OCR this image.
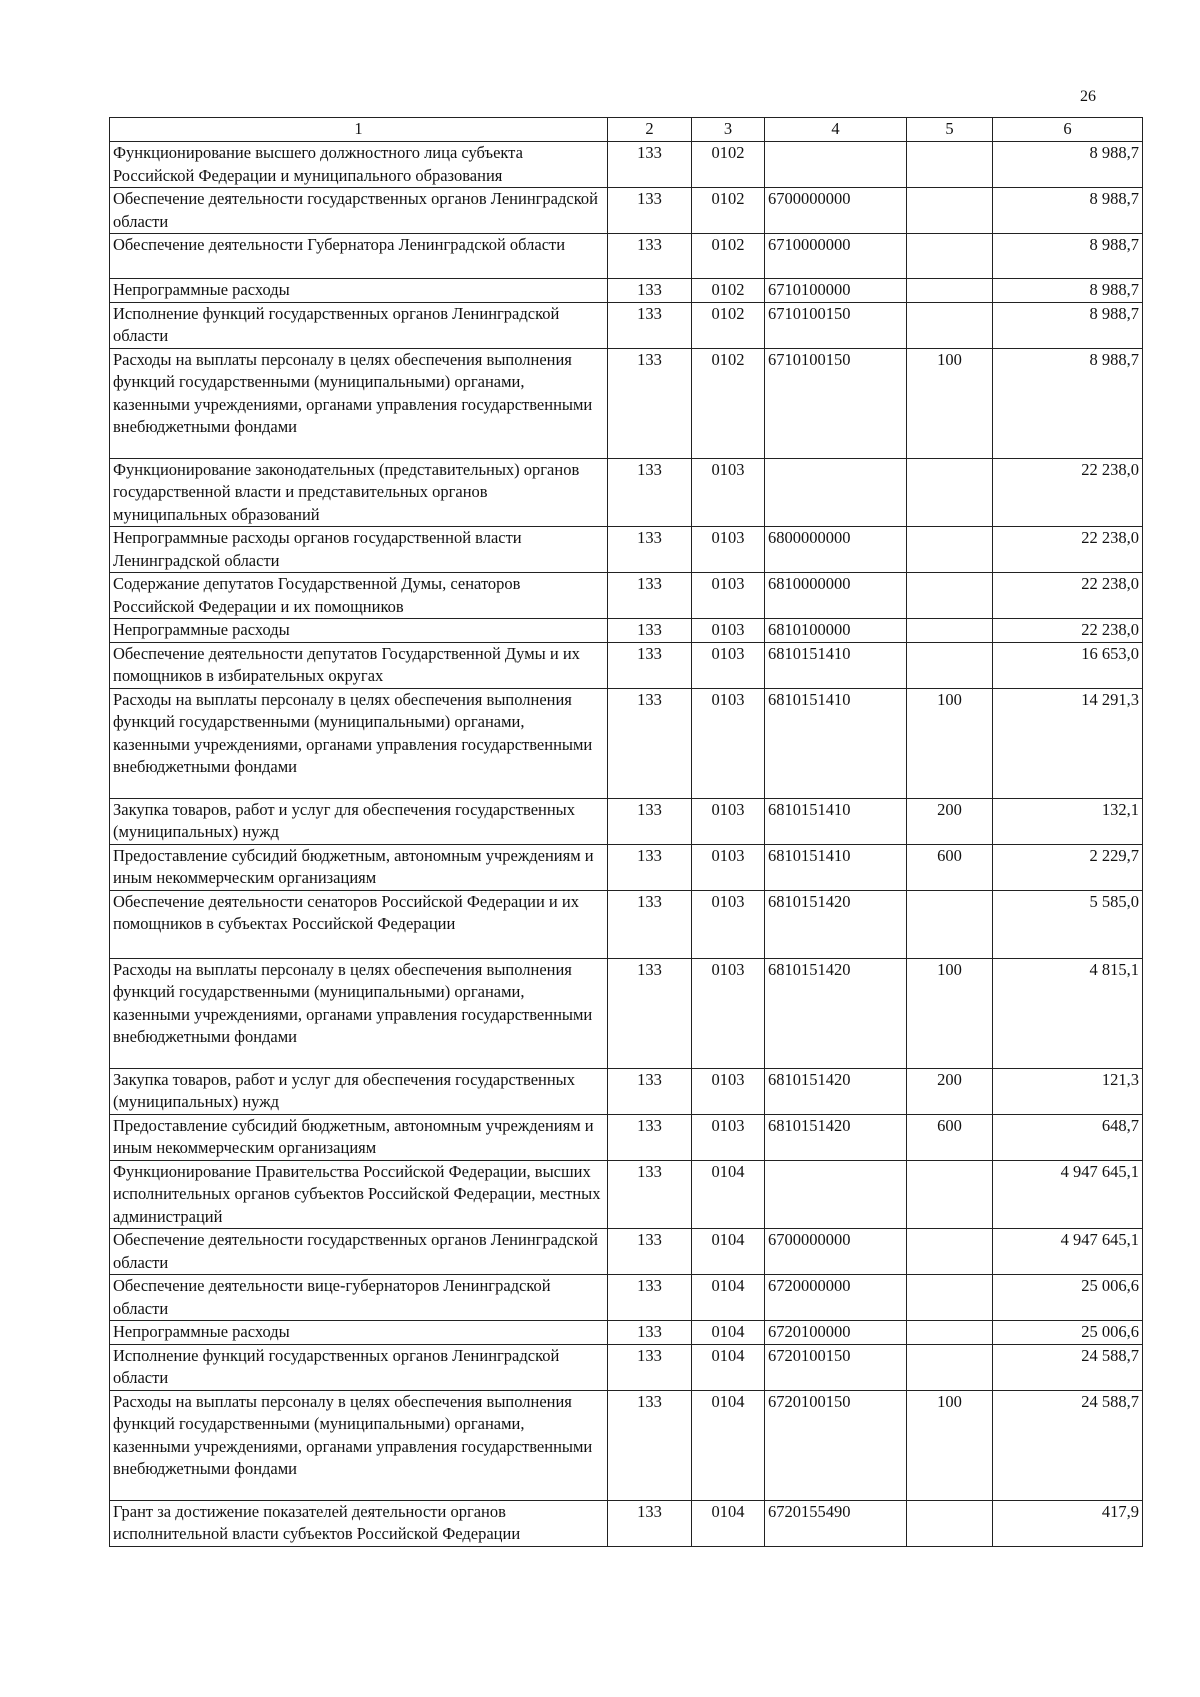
26
1	2	3	4	5	6
Функционирование высшего должностного лица субъекта Российской Федерации и муниципального образования	133	0102			8 988,7
Обеспечение деятельности государственных органов Ленинградской области	133	0102	6700000000		8 988,7
Обеспечение деятельности Губернатора Ленинградской области	133	0102	6710000000		8 988,7
Непрограммные расходы	133	0102	6710100000		8 988,7
Исполнение функций государственных органов Ленинградской области	133	0102	6710100150		8 988,7
Расходы на выплаты персоналу в целях обеспечения выполнения функций государственными (муниципальными) органами, казенными учреждениями, органами управления государственными внебюджетными фондами	133	0102	6710100150	100	8 988,7
Функционирование законодательных (представительных) органов государственной власти и представительных органов муниципальных образований	133	0103			22 238,0
Непрограммные расходы органов государственной власти Ленинградской области	133	0103	6800000000		22 238,0
Содержание депутатов Государственной Думы, сенаторов Российской Федерации и их помощников	133	0103	6810000000		22 238,0
Непрограммные расходы	133	0103	6810100000		22 238,0
Обеспечение деятельности депутатов Государственной Думы и их помощников в избирательных округах	133	0103	6810151410		16 653,0
Расходы на выплаты персоналу в целях обеспечения выполнения функций государственными (муниципальными) органами, казенными учреждениями, органами управления государственными внебюджетными фондами	133	0103	6810151410	100	14 291,3
Закупка товаров, работ и услуг для обеспечения государственных (муниципальных) нужд	133	0103	6810151410	200	132,1
Предоставление субсидий бюджетным, автономным учреждениям и иным некоммерческим организациям	133	0103	6810151410	600	2 229,7
Обеспечение деятельности сенаторов Российской Федерации и их помощников в субъектах Российской Федерации	133	0103	6810151420		5 585,0
Расходы на выплаты персоналу в целях обеспечения выполнения функций государственными (муниципальными) органами, казенными учреждениями, органами управления государственными внебюджетными фондами	133	0103	6810151420	100	4 815,1
Закупка товаров, работ и услуг для обеспечения государственных (муниципальных) нужд	133	0103	6810151420	200	121,3
Предоставление субсидий бюджетным, автономным учреждениям и иным некоммерческим организациям	133	0103	6810151420	600	648,7
Функционирование Правительства Российской Федерации, высших исполнительных органов субъектов Российской Федерации, местных администраций	133	0104			4 947 645,1
Обеспечение деятельности государственных органов Ленинградской области	133	0104	6700000000		4 947 645,1
Обеспечение деятельности вице-губернаторов Ленинградской области	133	0104	6720000000		25 006,6
Непрограммные расходы	133	0104	6720100000		25 006,6
Исполнение функций государственных органов Ленинградской области	133	0104	6720100150		24 588,7
Расходы на выплаты персоналу в целях обеспечения выполнения функций государственными (муниципальными) органами, казенными учреждениями, органами управления государственными внебюджетными фондами	133	0104	6720100150	100	24 588,7
Грант за достижение показателей деятельности органов исполнительной власти субъектов Российской Федерации	133	0104	6720155490		417,9
